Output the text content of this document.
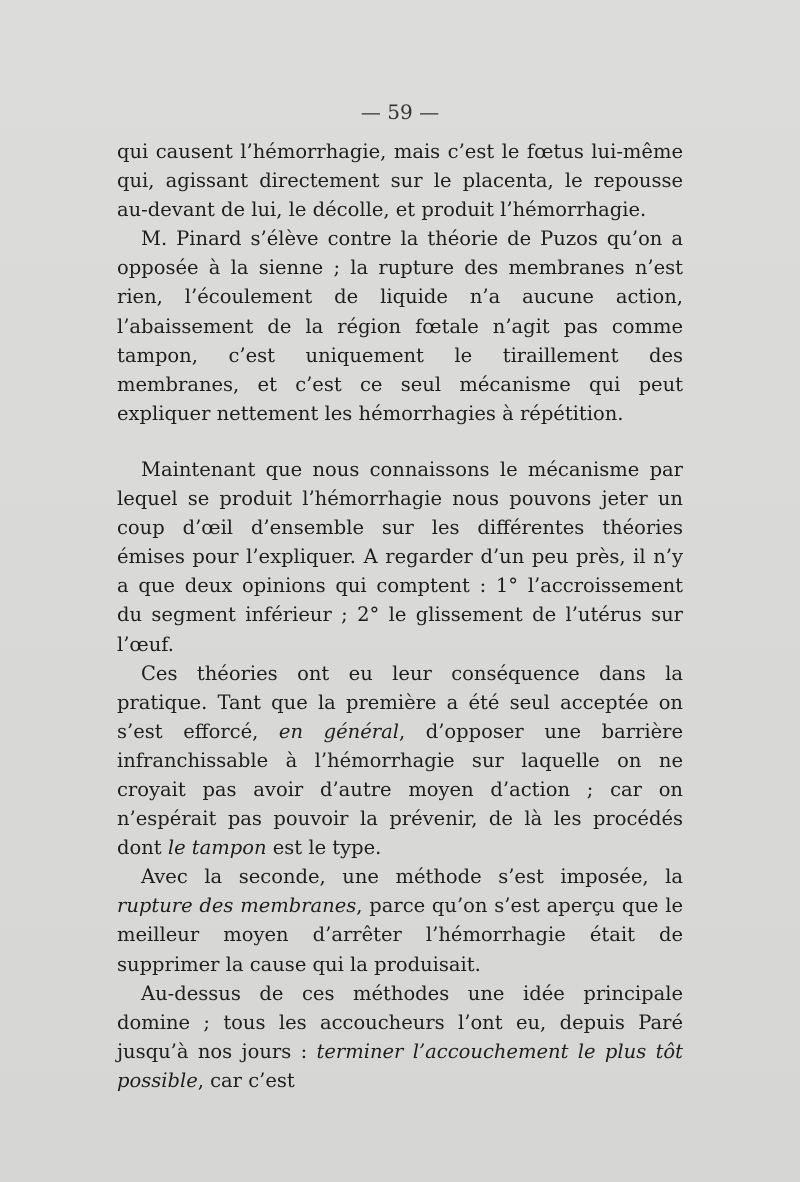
— 59 —

qui causent l’hémorrhagie, mais c’est le fœtus lui-même qui, agissant directement sur le placenta, le repousse au-devant de lui, le décolle, et produit l’hémorrhagie.

M. Pinard s’élève contre la théorie de Puzos qu’on a opposée à la sienne ; la rupture des membranes n’est rien, l’écoulement de liquide n’a aucune action, l’abaissement de la région fœtale n’agit pas comme tampon, c’est uniquement le tiraillement des membranes, et c’est ce seul mécanisme qui peut expliquer nettement les hémorrhagies à répétition.

Maintenant que nous connaissons le mécanisme par lequel se produit l’hémorrhagie nous pouvons jeter un coup d’œil d’ensemble sur les différentes théories émises pour l’expliquer. A regarder d’un peu près, il n’y a que deux opinions qui comptent : 1° l’accroissement du segment inférieur ; 2° le glissement de l’utérus sur l’œuf.

Ces théories ont eu leur conséquence dans la pratique. Tant que la première a été seul acceptée on s’est efforcé, en général, d’opposer une barrière infranchissable à l’hémorrhagie sur laquelle on ne croyait pas avoir d’autre moyen d’action ; car on n’espérait pas pouvoir la prévenir, de là les procédés dont le tampon est le type.

Avec la seconde, une méthode s’est imposée, la rupture des membranes, parce qu’on s’est aperçu que le meilleur moyen d’arrêter l’hémorrhagie était de supprimer la cause qui la produisait.

Au-dessus de ces méthodes une idée principale domine ; tous les accoucheurs l’ont eu, depuis Paré jusqu’à nos jours : terminer l’accouchement le plus tôt possible, car c’est
